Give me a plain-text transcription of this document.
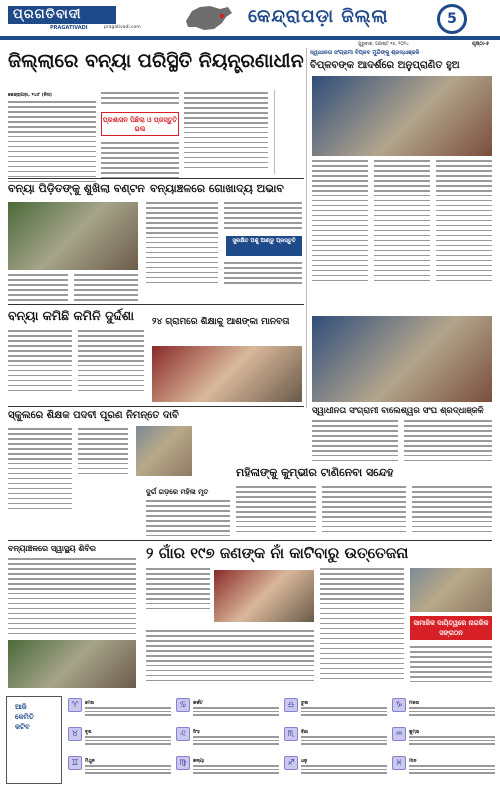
ପ୍ରଗତିବାଦୀ
PRAGATIVADI	pragativadi.com
କେନ୍ଦ୍ରାପଡ଼ା ଜିଲ୍ଲା	5
ଗୁରୁବାର, ଅଗଷ୍ଟ ୧୫, ୨୦୨୪	ପୃଷ୍ଠା-୫
ଜିଲ୍ଲାରେ ବନ୍ୟା ପରିସ୍ଥିତି ନିୟନ୍ତ୍ରଣାଧୀନ
କେନ୍ଦ୍ରାପଡ଼ା, ୧୪ା୮ (ନିସ)
ପ୍ରଶାସନ ପିଛିଲା ଓ ପ୍ରସ୍ତୁତି ଭଲ
ସ୍ୱାଧୀନତା ସଂଗ୍ରାମୀ ବିପ୍ଳବ ମୁନ୍ଦିଙ୍କୁ ଶ୍ରଦ୍ଧାଞ୍ଜଳି
ବିପ୍ଳବଙ୍କ ଆଦର୍ଶରେ ଅନୁପ୍ରାଣିତ ହୁଅ
ବନ୍ୟା ପିଡ଼ିତଙ୍କୁ ଶୁଖିଲା ବଣ୍ଟନ ବନ୍ୟାଞ୍ଚଳରେ ଗୋଖାଦ୍ୟ ଅଭାବ
ସୁରକ୍ଷିତ ପଶୁ ଆଣ୍ଡୁ ପ୍ରସ୍ତୁତି
ବନ୍ୟା କମିଛି କମିନି ଦୁର୍ଦ୍ଦଶା ୨୪ ଗ୍ରାମରେ ଶିକ୍ଷାକୁ ଆଶଙ୍କା ମାନବତା
ସ୍ୱାଧୀନତା ସଂଗ୍ରାମୀ ବାଲେଶ୍ୱର ସଂଘ ଶ୍ରଦ୍ଧାଞ୍ଜଳି
ସ୍କୁଲରେ ଶିକ୍ଷକ ପଦବୀ ପୂରଣ ନିମନ୍ତେ ଦାବି
ଦୁର୍ଗ ଗଡ଼ରେ ମହିଳା ମୃତ
ମହିଳାଙ୍କୁ କୁମ୍ଭୀର ଟାଣିନେବା ସନ୍ଦେହ
ବନ୍ୟାଞ୍ଚଳରେ ସ୍ୱାସ୍ଥ୍ୟ ଶିବିର	୨ ଗାଁର ୧୯୭ ଜଣଙ୍କ ନାଁ କାଟିବାରୁ ଉତ୍ତେଜନା
ସାମାଜିକ ଦାୟିତ୍ୱରେ ନାଗରିକ ସଙ୍ଗଠନ
ଆଜି
କେମିତି
କଟିବ
♈	ମେଷ
♉	ବୃଷ
♊	ମିଥୁନ
♋	କର୍କଟ
♌	ସିଂହ
♍	କନ୍ୟା
♎	ତୁଳା
♏	ବିଛା
♐	ଧନୁ
♑	ମକର
♒	କୁମ୍ଭ
♓	ମୀନ
